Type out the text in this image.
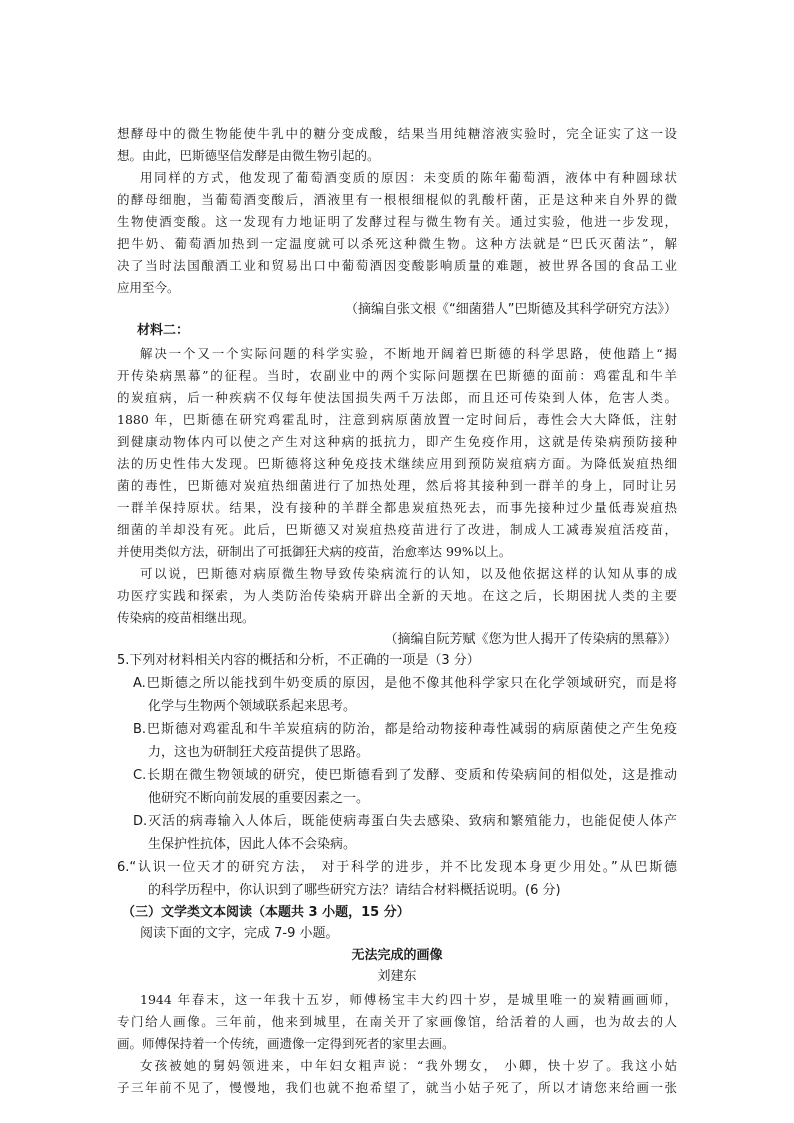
想酵母中的微生物能使牛乳中的糖分变成酸，结果当用纯糖溶液实验时，完全证实了这一设
想。由此，巴斯德坚信发酵是由微生物引起的。
用同样的方式，他发现了葡萄酒变质的原因：未变质的陈年葡萄酒，液体中有种圆球状
的酵母细胞，当葡萄酒变酸后，酒液里有一根根细棍似的乳酸杆菌，正是这种来自外界的微
生物使酒变酸。这一发现有力地证明了发酵过程与微生物有关。通过实验，他进一步发现，
把牛奶、葡萄酒加热到一定温度就可以杀死这种微生物。这种方法就是“巴氏灭菌法”，解
决了当时法国酿酒工业和贸易出口中葡萄酒因变酸影响质量的难题，被世界各国的食品工业
应用至今。
（摘编自张文根《“细菌猎人”巴斯德及其科学研究方法》）
材料二：
解决一个又一个实际问题的科学实验，不断地开阔着巴斯德的科学思路，使他踏上“揭
开传染病黑幕”的征程。当时，农副业中的两个实际问题摆在巴斯德的面前：鸡霍乱和牛羊
的炭疽病，后一种疾病不仅每年使法国损失两千万法郎，而且还可传染到人体，危害人类。
1880 年，巴斯德在研究鸡霍乱时，注意到病原菌放置一定时间后，毒性会大大降低，注射
到健康动物体内可以使之产生对这种病的抵抗力，即产生免疫作用，这就是传染病预防接种
法的历史性伟大发现。巴斯德将这种免疫技术继续应用到预防炭疽病方面。为降低炭疽热细
菌的毒性，巴斯德对炭疽热细菌进行了加热处理，然后将其接种到一群羊的身上，同时让另
一群羊保持原状。结果，没有接种的羊群全都患炭疽热死去，而事先接种过少量低毒炭疽热
细菌的羊却没有死。此后，巴斯德又对炭疽热疫苗进行了改进，制成人工减毒炭疽活疫苗，
并使用类似方法，研制出了可抵御狂犬病的疫苗，治愈率达 99%以上。
可以说，巴斯德对病原微生物导致传染病流行的认知，以及他依据这样的认知从事的成
功医疗实践和探索，为人类防治传染病开辟出全新的天地。在这之后，长期困扰人类的主要
传染病的疫苗相继出现。
（摘编自阮芳赋《您为世人揭开了传染病的黑幕》）
5.下列对材料相关内容的概括和分析，不正确的一项是（3 分）
A.巴斯德之所以能找到牛奶变质的原因，是他不像其他科学家只在化学领域研究，而是将
化学与生物两个领域联系起来思考。
B.巴斯德对鸡霍乱和牛羊炭疽病的防治，都是给动物接种毒性减弱的病原菌使之产生免疫
力，这也为研制狂犬疫苗提供了思路。
C.长期在微生物领域的研究，使巴斯德看到了发酵、变质和传染病间的相似处，这是推动
他研究不断向前发展的重要因素之一。
D.灭活的病毒输入人体后，既能使病毒蛋白失去感染、致病和繁殖能力，也能促使人体产
生保护性抗体，因此人体不会染病。
6.“认识一位天才的研究方法， 对于科学的进步，并不比发现本身更少用处。”从巴斯德
的科学历程中，你认识到了哪些研究方法？请结合材料概括说明。(6 分)
（三）文学类文本阅读（本题共 3 小题，15 分）
阅读下面的文字，完成 7-9 小题。
无法完成的画像
刘建东
1944 年春末，这一年我十五岁，师傅杨宝丰大约四十岁，是城里唯一的炭精画画师，
专门给人画像。三年前，他来到城里，在南关开了家画像馆，给活着的人画，也为故去的人
画。师傅保持着一个传统，画遗像一定得到死者的家里去画。
女孩被她的舅妈领进来，中年妇女粗声说：“我外甥女， 小卿，快十岁了。我这小姑
子三年前不见了，慢慢地，我们也就不抱希望了，就当小姑子死了，所以才请您来给画一张
